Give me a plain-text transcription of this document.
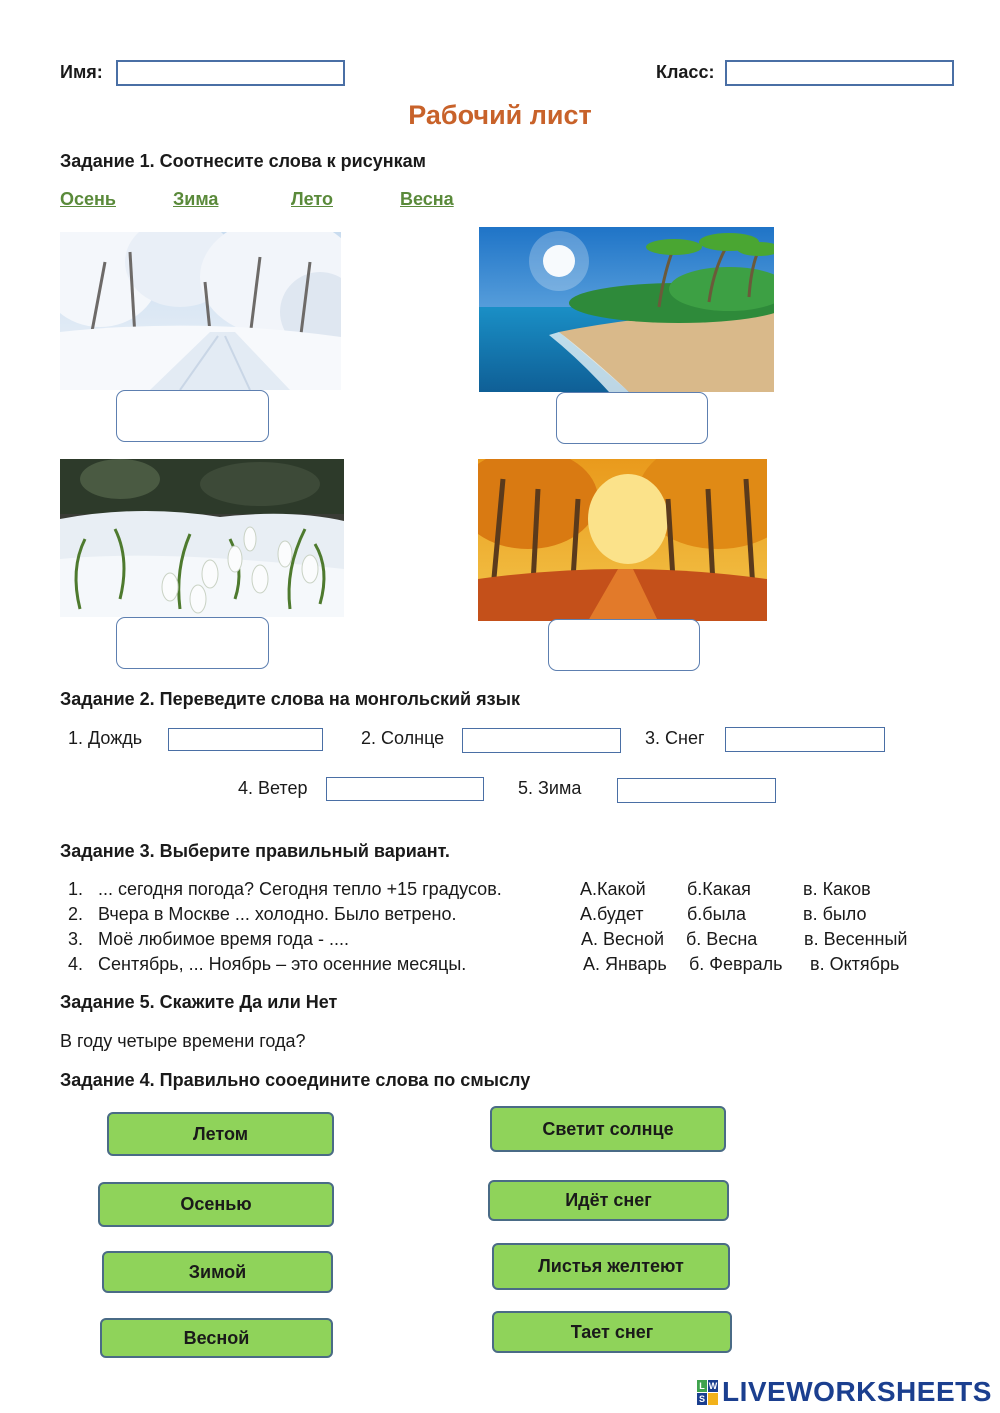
Имя:	Класс:
Рабочий лист
Задание 1. Соотнесите слова к рисункам
Осень	Зима	Лето	Весна
Задание 2. Переведите слова на монгольский язык
1. Дождь	2. Солнце	3. Снег
4. Ветер	5. Зима
Задание 3. Выберите правильный вариант.
1. ... сегодня погода? Сегодня тепло +15 градусов.	А.Какой б.Какая	в. Каков
2. Вчера в Москве ... холодно. Было ветрено.	А.будет б.была	в. было
3. Моё любимое время года - ....	А. Весной б. Весна	в. Весенный
4. Сентябрь, ... Ноябрь – это осенние месяцы.	А. Январь б. Февраль в. Октябрь
Задание 5. Скажите Да или Нет
В году четыре времени года?
Задание 4. Правильно сооедините слова по смыслу
Летом
Осенью
Зимой
Весной
Светит солнце
Идёт снег
Листья желтеют
Тает снег
L W
S LIVEWORKSHEETS
